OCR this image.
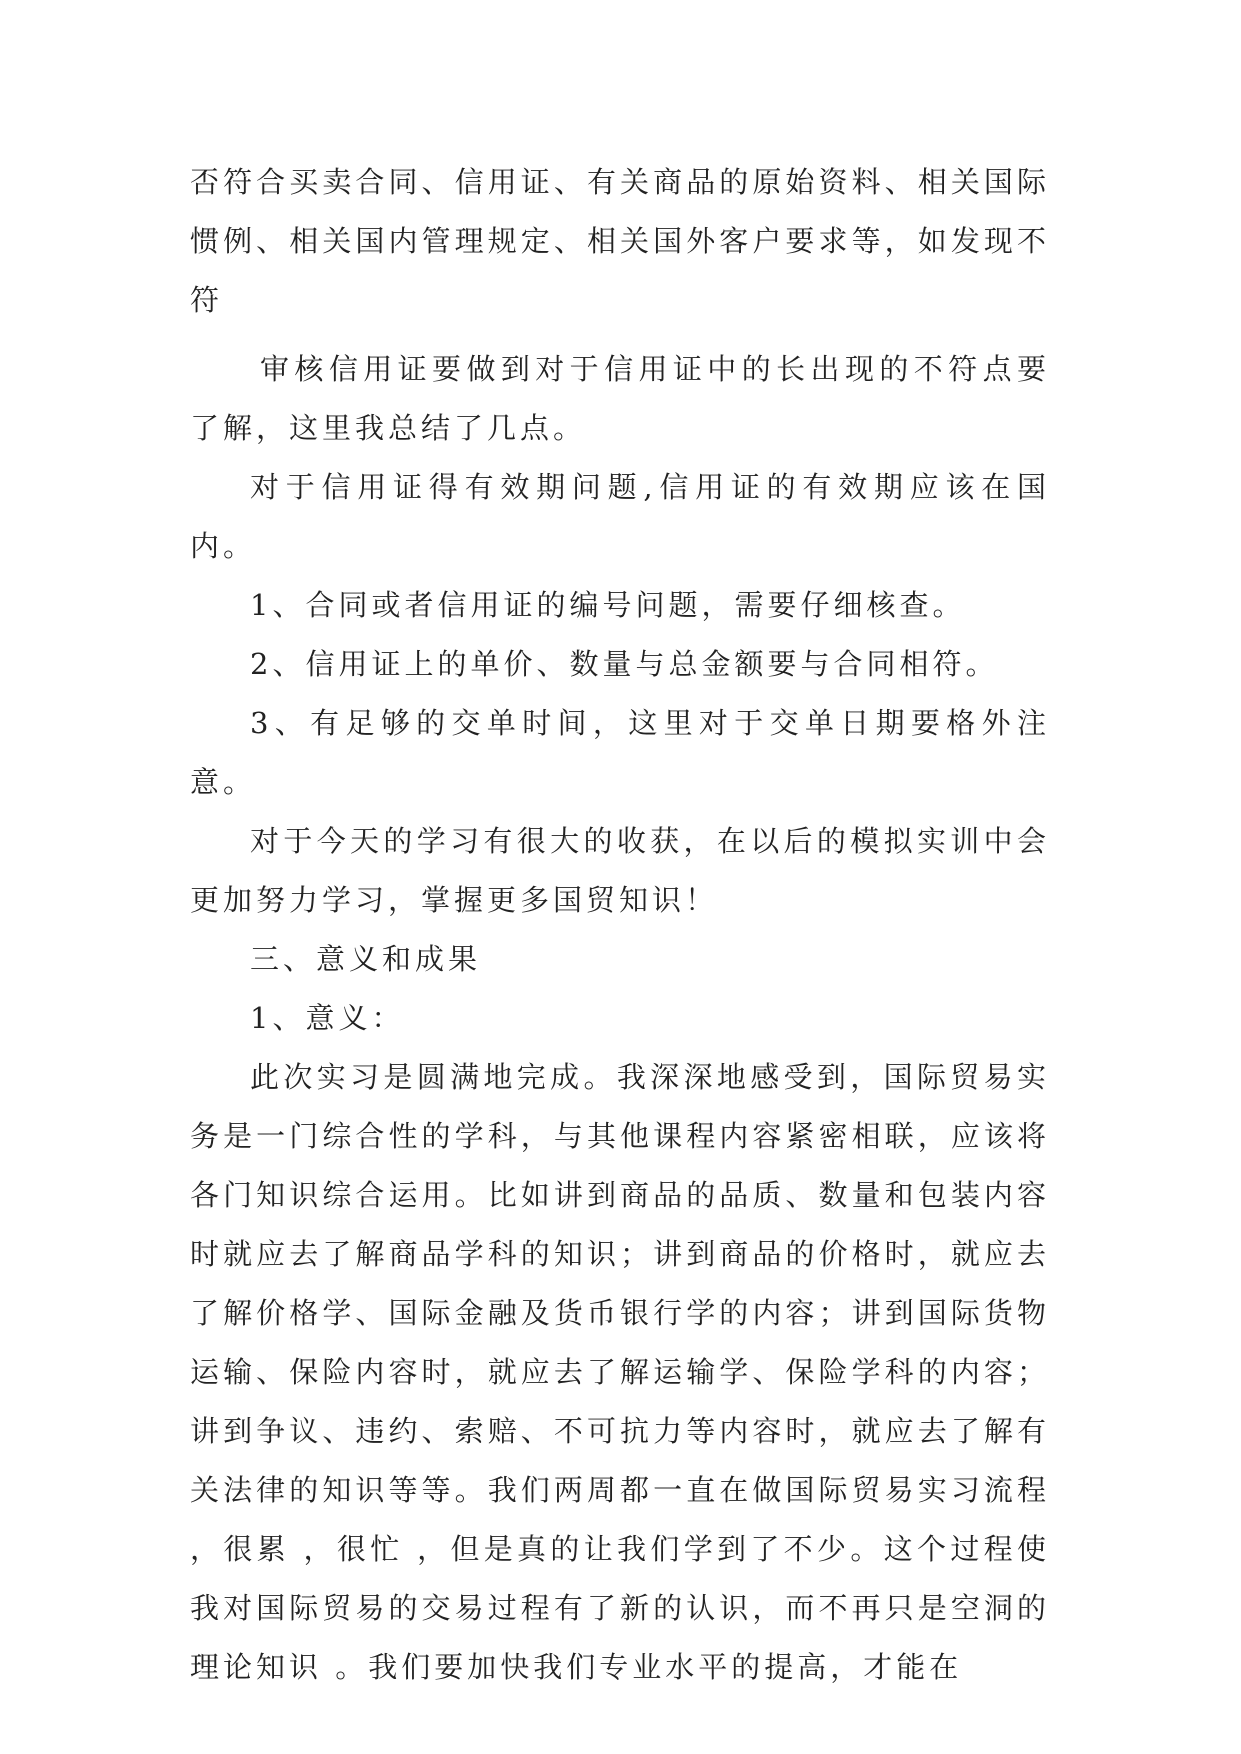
否符合买卖合同、信用证、有关商品的原始资料、相关国际惯例、相关国内管理规定、相关国外客户要求等，如发现不符

审核信用证要做到对于信用证中的长出现的不符点要了解，这里我总结了几点。

对于信用证得有效期问题,信用证的有效期应该在国内。

1、合同或者信用证的编号问题，需要仔细核查。

2、信用证上的单价、数量与总金额要与合同相符。

3、有足够的交单时间，这里对于交单日期要格外注意。

对于今天的学习有很大的收获，在以后的模拟实训中会更加努力学习，掌握更多国贸知识！

三、意义和成果

1、意义：

此次实习是圆满地完成。我深深地感受到，国际贸易实务是一门综合性的学科，与其他课程内容紧密相联，应该将各门知识综合运用。比如讲到商品的品质、数量和包装内容时就应去了解商品学科的知识；讲到商品的价格时，就应去了解价格学、国际金融及货币银行学的内容；讲到国际货物运输、保险内容时，就应去了解运输学、保险学科的内容；讲到争议、违约、索赔、不可抗力等内容时，就应去了解有关法律的知识等等。我们两周都一直在做国际贸易实习流程 ，很累 ，很忙 ，但是真的让我们学到了不少。这个过程使我对国际贸易的交易过程有了新的认识，而不再只是空洞的理论知识 。我们要加快我们专业水平的提高，才能在
